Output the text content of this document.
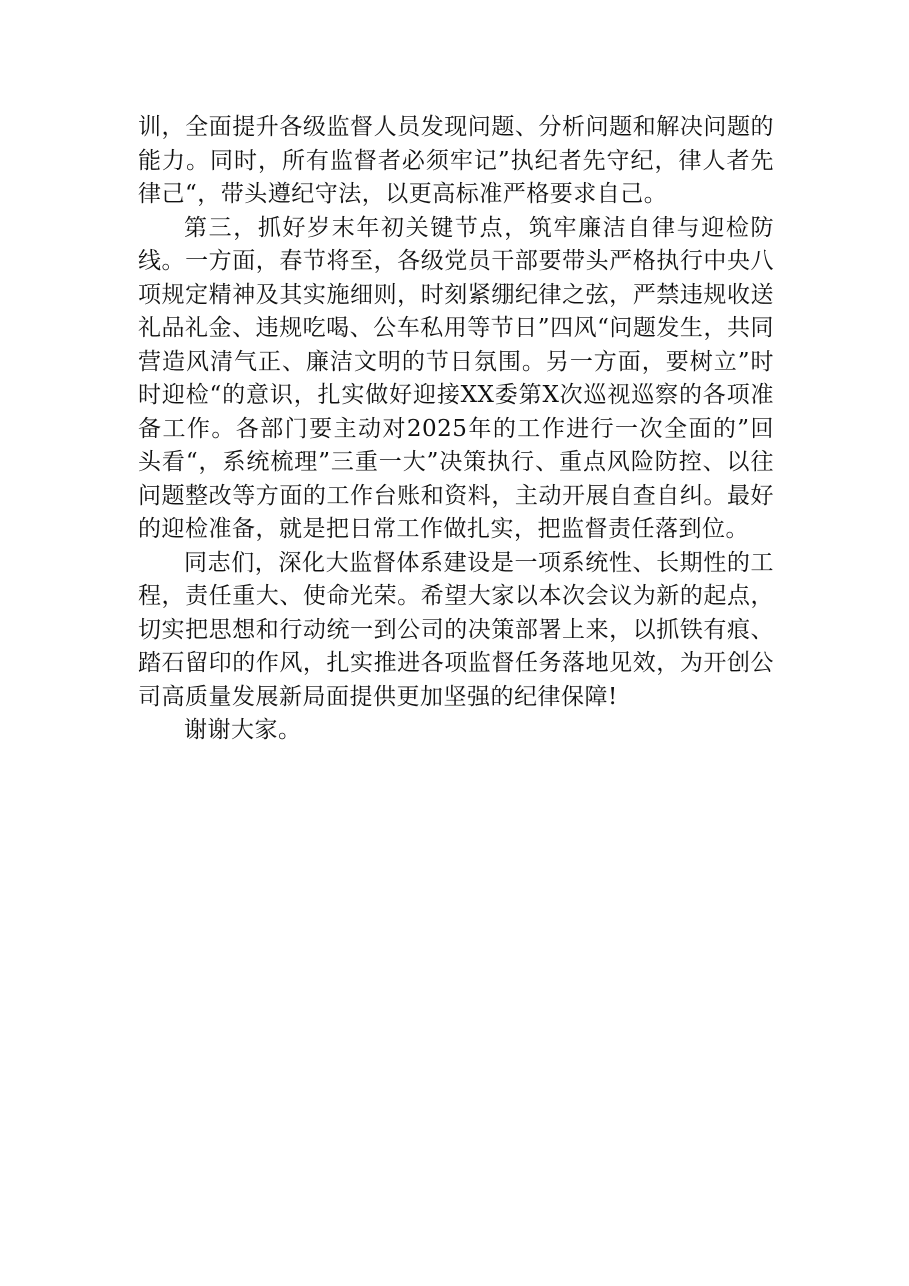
训，全面提升各级监督人员发现问题、分析问题和解决问题的能力。同时，所有监督者必须牢记”执纪者先守纪，律人者先律己“，带头遵纪守法，以更高标准严格要求自己。

第三，抓好岁末年初关键节点，筑牢廉洁自律与迎检防线。一方面，春节将至，各级党员干部要带头严格执行中央八项规定精神及其实施细则，时刻紧绷纪律之弦，严禁违规收送礼品礼金、违规吃喝、公车私用等节日”四风“问题发生，共同营造风清气正、廉洁文明的节日氛围。另一方面，要树立”时时迎检“的意识，扎实做好迎接XX委第X次巡视巡察的各项准备工作。各部门要主动对2025年的工作进行一次全面的”回头看“，系统梳理”三重一大”决策执行、重点风险防控、以往问题整改等方面的工作台账和资料，主动开展自查自纠。最好的迎检准备，就是把日常工作做扎实，把监督责任落到位。

同志们，深化大监督体系建设是一项系统性、长期性的工程，责任重大、使命光荣。希望大家以本次会议为新的起点，切实把思想和行动统一到公司的决策部署上来，以抓铁有痕、踏石留印的作风，扎实推进各项监督任务落地见效，为开创公司高质量发展新局面提供更加坚强的纪律保障!

谢谢大家。
